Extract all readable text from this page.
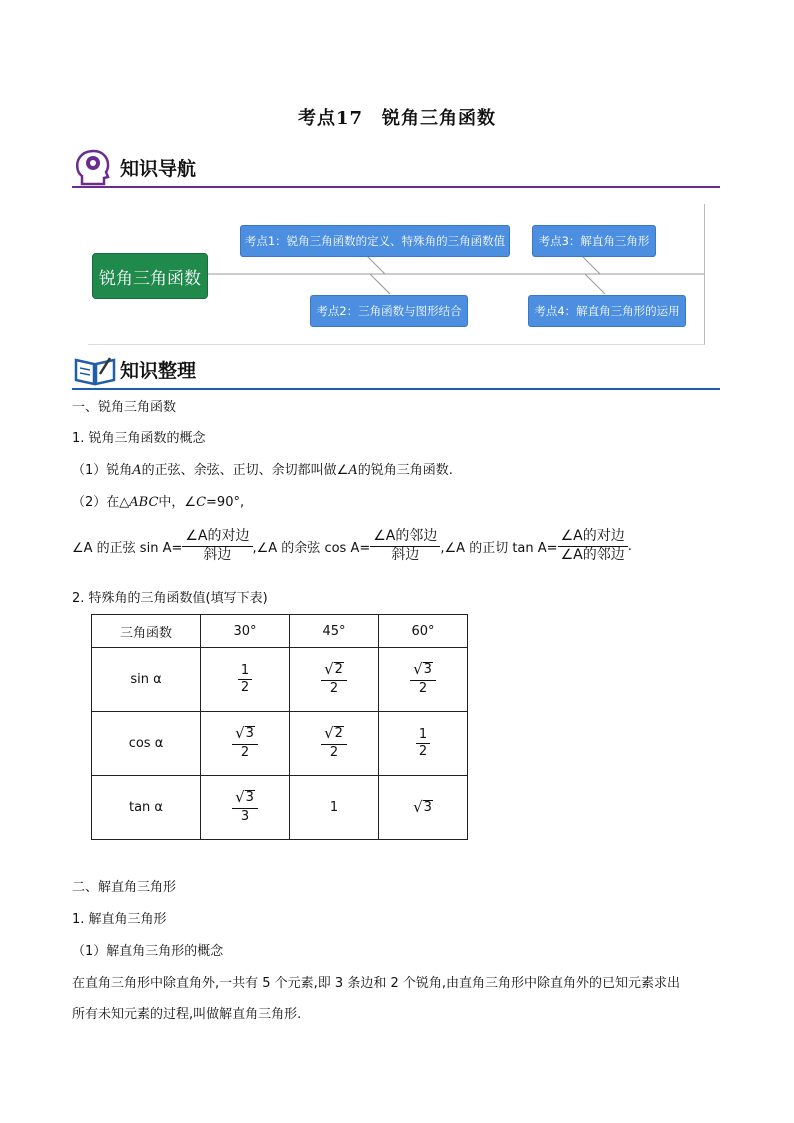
考点17　锐角三角函数
知识导航
锐角三角函数
考点1：锐角三角函数的定义、特殊角的三角函数值
考点2：三角函数与图形结合
考点3：解直角三角形
考点4：解直角三角形的运用
知识整理
一、锐角三角函数
1. 锐角三角函数的概念
（1）锐角A的正弦、余弦、正切、余切都叫做∠A的锐角三角函数.
（2）在△ABC中，∠C=90°,
∠A 的正弦 $\sin A= \frac{\text{∠A的对边}}{\text{斜边}}$ ,∠A 的余弦 $\cos A= \frac{\text{∠A的邻边}}{\text{斜边}}$ ,∠A 的正切 $\tan A= \frac{\text{∠A的对边}}{\text{∠A的邻边}}$ .
2. 特殊角的三角函数值(填写下表)
三角函数	30°	45°	60°
sin α	$\frac{1}{2}$	$\frac{√ 2}{2}$	$\frac{√ 3}{2}$

cos α	$\frac{√ 3}{2}$	$\frac{√ 2}{2}$	$\frac{1}{2}$

tan α	$\frac{√ 3}{3}$	1	√ 3
二、解直角三角形
1. 解直角三角形
（1）解直角三角形的概念
在直角三角形中除直角外,一共有 5 个元素,即 3 条边和 2 个锐角,由直角三角形中除直角外的已知元素求出
所有未知元素的过程,叫做解直角三角形.
